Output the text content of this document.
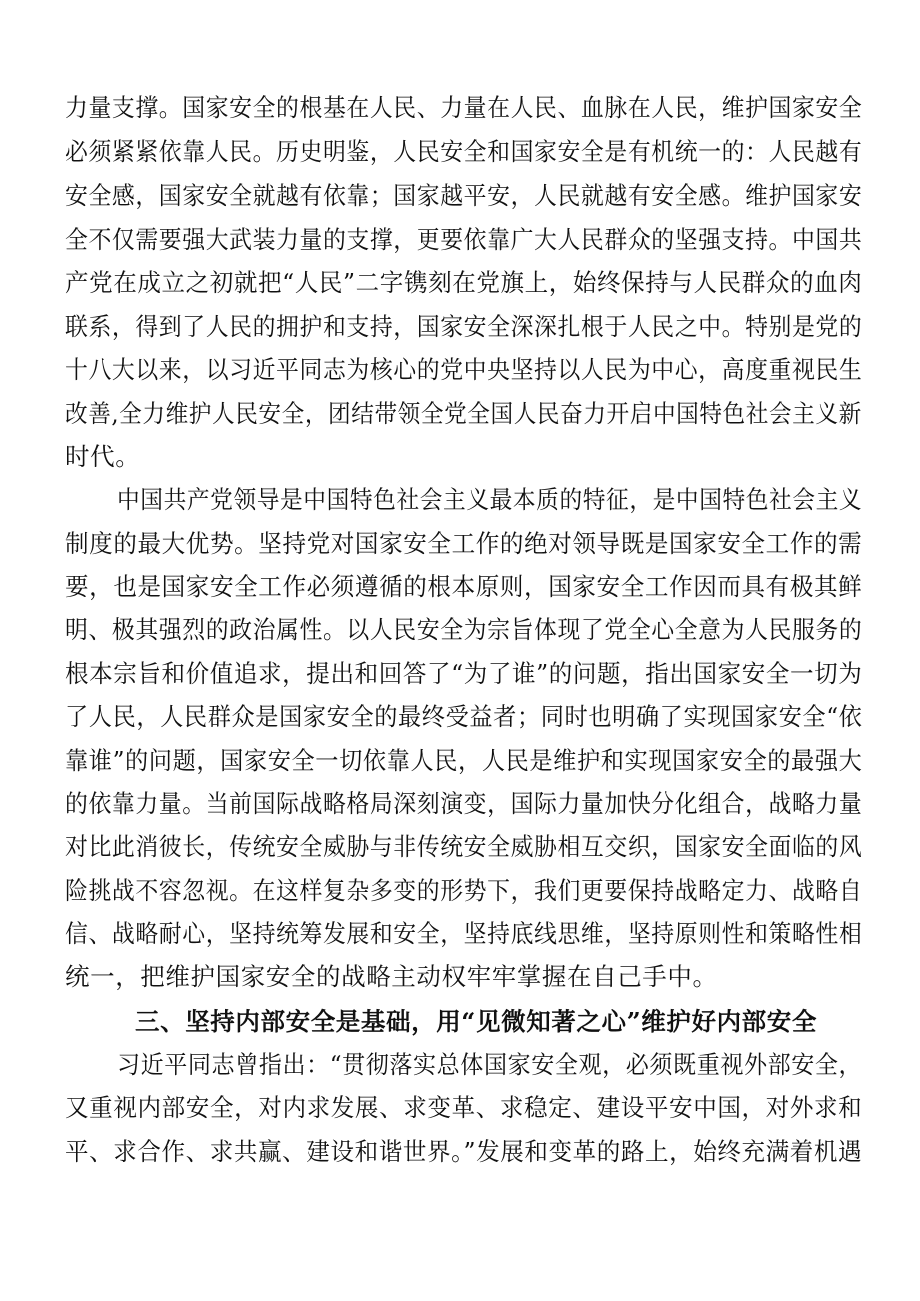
力量支撑。国家安全的根基在人民、力量在人民、血脉在人民，维护国家安全
必须紧紧依靠人民。历史明鉴，人民安全和国家安全是有机统一的：人民越有
安全感，国家安全就越有依靠；国家越平安，人民就越有安全感。维护国家安
全不仅需要强大武装力量的支撑，更要依靠广大人民群众的坚强支持。中国共
产党在成立之初就把“人民”二字镌刻在党旗上，始终保持与人民群众的血肉
联系，得到了人民的拥护和支持，国家安全深深扎根于人民之中。特别是党的
十八大以来，以习近平同志为核心的党中央坚持以人民为中心，高度重视民生
改善,全力维护人民安全，团结带领全党全国人民奋力开启中国特色社会主义新
时代。
中国共产党领导是中国特色社会主义最本质的特征，是中国特色社会主义
制度的最大优势。坚持党对国家安全工作的绝对领导既是国家安全工作的需
要，也是国家安全工作必须遵循的根本原则，国家安全工作因而具有极其鲜
明、极其强烈的政治属性。以人民安全为宗旨体现了党全心全意为人民服务的
根本宗旨和价值追求，提出和回答了“为了谁”的问题，指出国家安全一切为
了人民，人民群众是国家安全的最终受益者；同时也明确了实现国家安全“依
靠谁”的问题，国家安全一切依靠人民，人民是维护和实现国家安全的最强大
的依靠力量。当前国际战略格局深刻演变，国际力量加快分化组合，战略力量
对比此消彼长，传统安全威胁与非传统安全威胁相互交织，国家安全面临的风
险挑战不容忽视。在这样复杂多变的形势下，我们更要保持战略定力、战略自
信、战略耐心，坚持统筹发展和安全，坚持底线思维，坚持原则性和策略性相
统一，把维护国家安全的战略主动权牢牢掌握在自己手中。
三、坚持内部安全是基础，用“见微知著之心”维护好内部安全
习近平同志曾指出：“贯彻落实总体国家安全观，必须既重视外部安全，
又重视内部安全，对内求发展、求变革、求稳定、建设平安中国，对外求和
平、求合作、求共赢、建设和谐世界。”发展和变革的路上，始终充满着机遇
